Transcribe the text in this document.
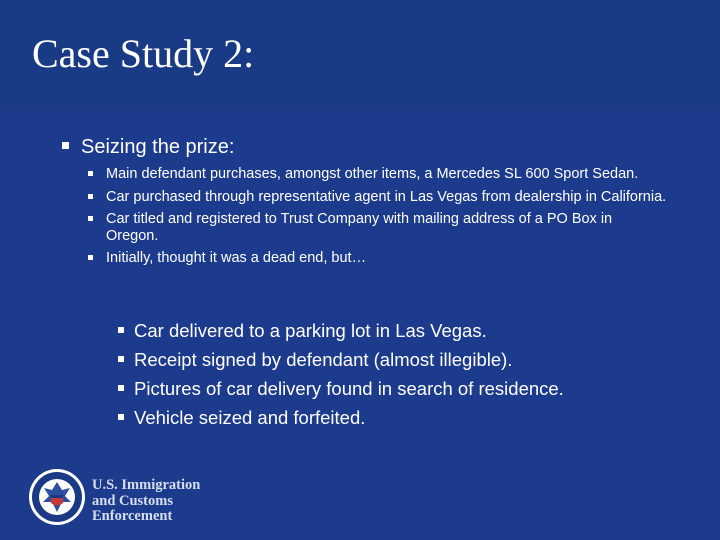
Case Study 2:
Seizing the prize:
Main defendant purchases, amongst other items, a Mercedes SL 600 Sport Sedan.
Car purchased through representative agent in Las Vegas from dealership in California.
Car titled and registered to Trust Company with mailing address of a PO Box in Oregon.
Initially, thought it was a dead end, but…
Car delivered to a parking lot in Las Vegas.
Receipt signed by defendant (almost illegible).
Pictures of car delivery found in search of residence.
Vehicle seized and forfeited.
U.S. Immigration
and Customs
Enforcement
